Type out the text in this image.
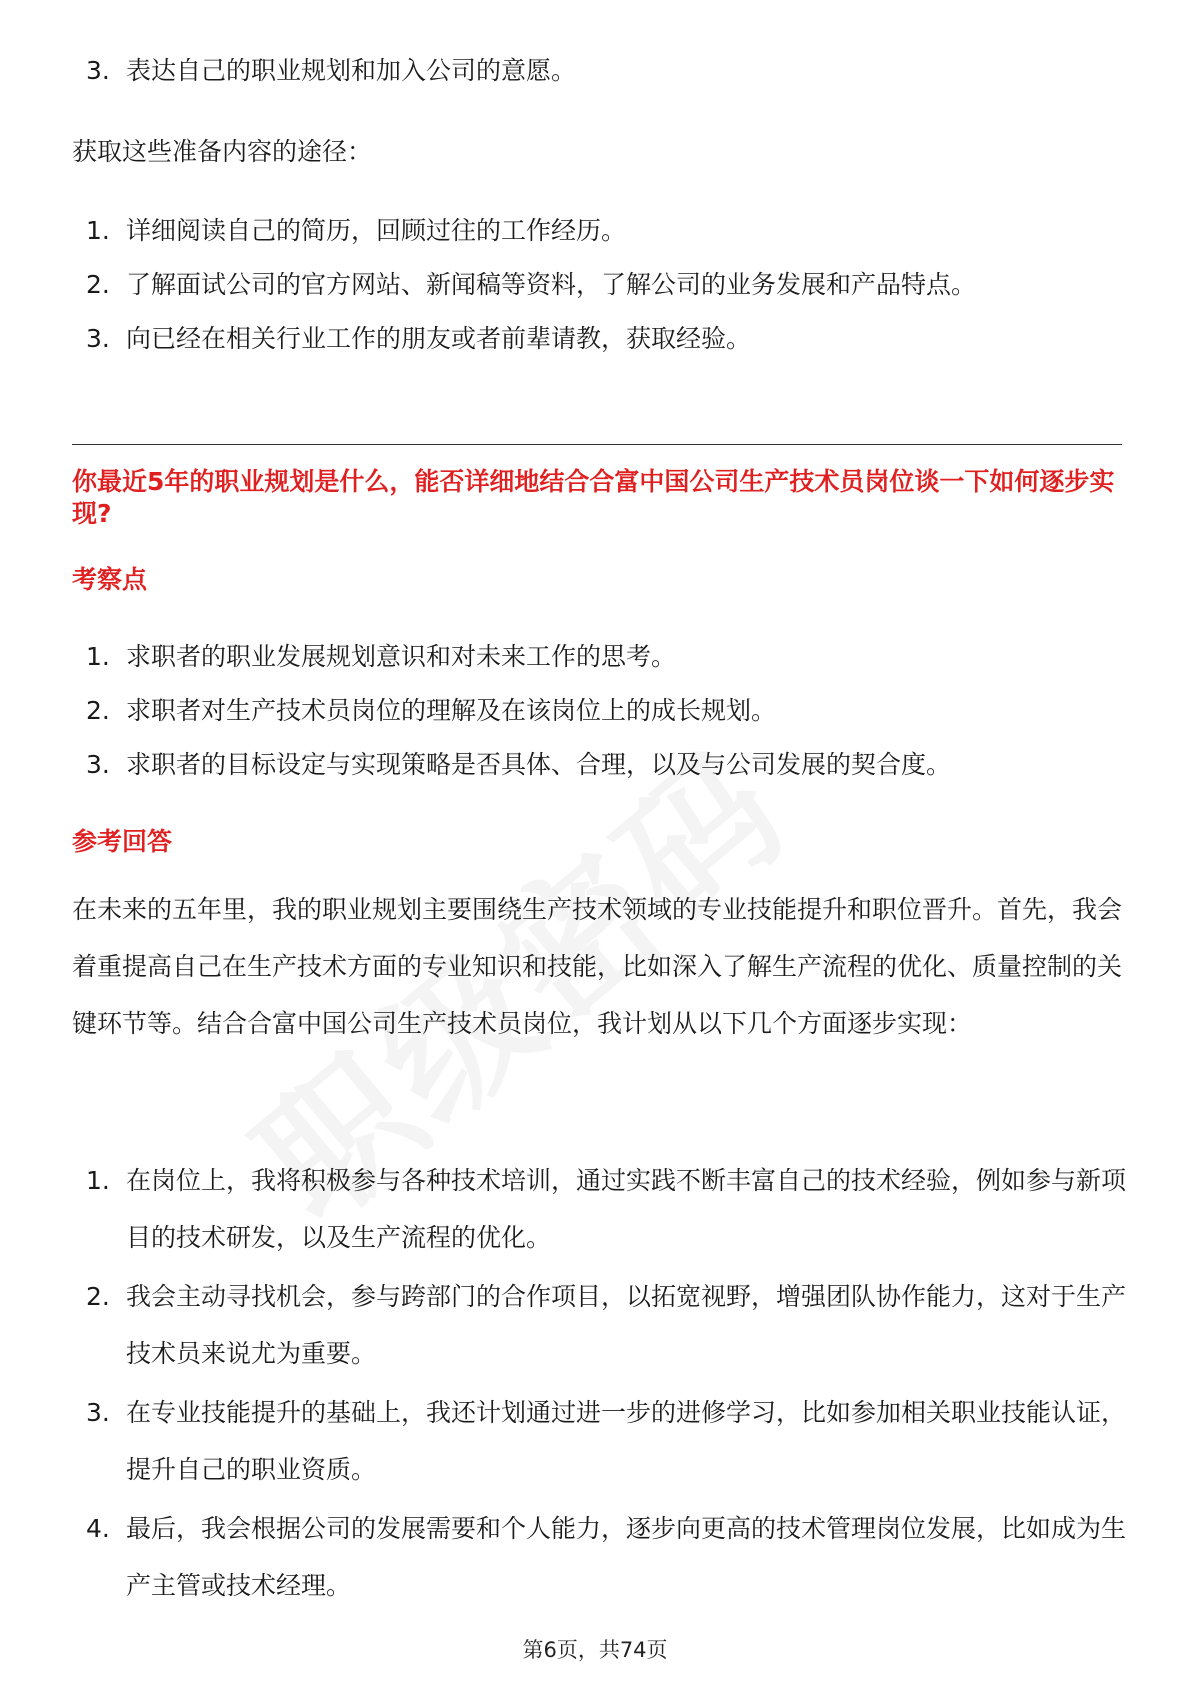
3. 表达自己的职业规划和加入公司的意愿。
获取这些准备内容的途径：
1. 详细阅读自己的简历，回顾过往的工作经历。
2. 了解面试公司的官方网站、新闻稿等资料，了解公司的业务发展和产品特点。
3. 向已经在相关行业工作的朋友或者前辈请教，获取经验。
你最近5年的职业规划是什么，能否详细地结合合富中国公司生产技术员岗位谈一下如何逐步实现?
考察点
1. 求职者的职业发展规划意识和对未来工作的思考。
2. 求职者对生产技术员岗位的理解及在该岗位上的成长规划。
3. 求职者的目标设定与实现策略是否具体、合理，以及与公司发展的契合度。
参考回答
在未来的五年里，我的职业规划主要围绕生产技术领域的专业技能提升和职位晋升。首先，我会着重提高自己在生产技术方面的专业知识和技能，比如深入了解生产流程的优化、质量控制的关键环节等。结合合富中国公司生产技术员岗位，我计划从以下几个方面逐步实现：
1. 在岗位上，我将积极参与各种技术培训，通过实践不断丰富自己的技术经验，例如参与新项目的技术研发，以及生产流程的优化。
2. 我会主动寻找机会，参与跨部门的合作项目，以拓宽视野，增强团队协作能力，这对于生产技术员来说尤为重要。
3. 在专业技能提升的基础上，我还计划通过进一步的进修学习，比如参加相关职业技能认证，提升自己的职业资质。
4. 最后，我会根据公司的发展需要和个人能力，逐步向更高的技术管理岗位发展，比如成为生产主管或技术经理。
第6页，共74页
